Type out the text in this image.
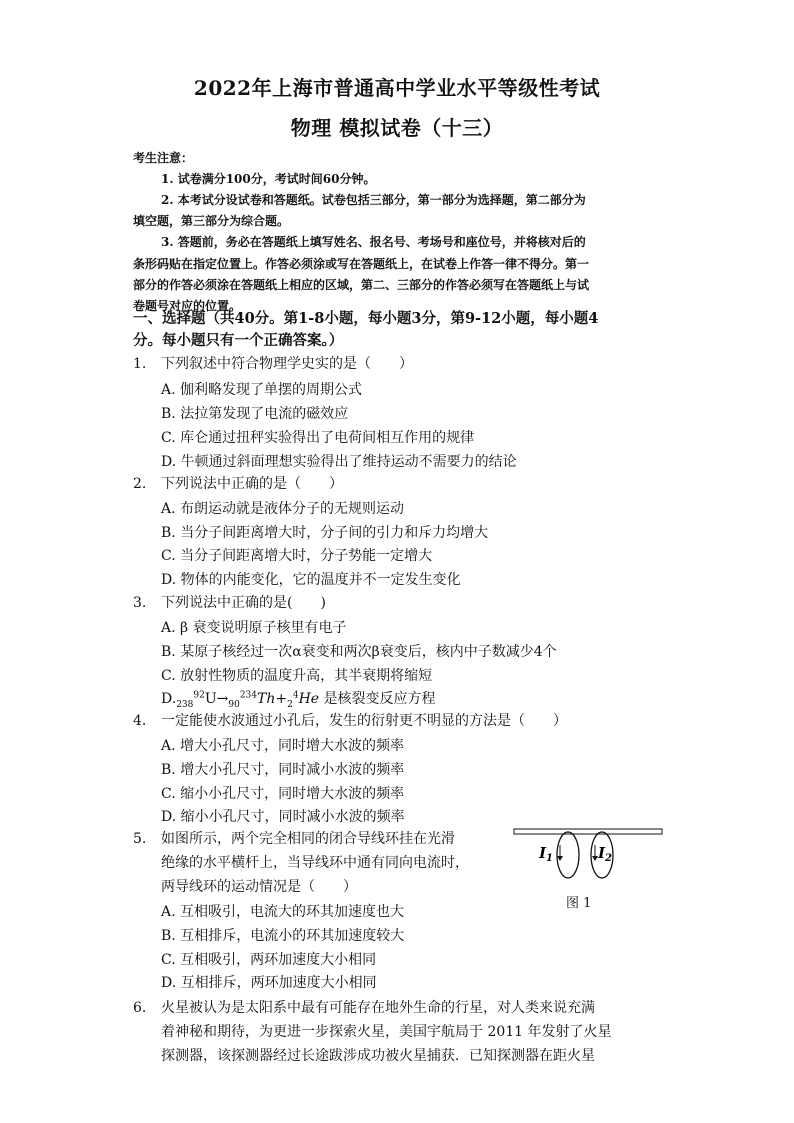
2022年上海市普通高中学业水平等级性考试
物理 模拟试卷（十三）
考生注意：
1. 试卷满分100分，考试时间60分钟。
2. 本考试分设试卷和答题纸。试卷包括三部分，第一部分为选择题，第二部分为
填空题，第三部分为综合题。
3. 答题前，务必在答题纸上填写姓名、报名号、考场号和座位号，并将核对后的
条形码贴在指定位置上。作答必须涂或写在答题纸上，在试卷上作答一律不得分。第一
部分的作答必须涂在答题纸上相应的区域，第二、三部分的作答必须写在答题纸上与试
卷题号对应的位置。
一、选择题（共40分。第1-8小题，每小题3分，第9-12小题，每小题4
分。每小题只有一个正确答案。）
1. 下列叙述中符合物理学史实的是（　　）
A. 伽利略发现了单摆的周期公式
B. 法拉第发现了电流的磁效应
C. 库仑通过扭秤实验得出了电荷间相互作用的规律
D. 牛顿通过斜面理想实验得出了维持运动不需要力的结论
2. 下列说法中正确的是（　　）
A. 布朗运动就是液体分子的无规则运动
B. 当分子间距离增大时，分子间的引力和斥力均增大
C. 当分子间距离增大时，分子势能一定增大
D. 物体的内能变化，它的温度并不一定发生变化
3. 下列说法中正确的是(　　)
A. β 衰变说明原子核里有电子
B. 某原子核经过一次α衰变和两次β衰变后，核内中子数减少4个
C. 放射性物质的温度升高，其半衰期将缩短
$D._{238}^{92}U\to_{90}^{234}Th+_2^4He$ 是核裂变反应方程
4. 一定能使水波通过小孔后，发生的衍射更不明显的方法是（　　）
A. 增大小孔尺寸，同时增大水波的频率
B. 增大小孔尺寸，同时减小水波的频率
C. 缩小小孔尺寸，同时增大水波的频率
D. 缩小小孔尺寸，同时减小水波的频率
5. 如图所示，两个完全相同的闭合导线环挂在光滑
绝缘的水平横杆上，当导线环中通有同向电流时，
两导线环的运动情况是（　　）
A. 互相吸引，电流大的环其加速度也大
B. 互相排斥，电流小的环其加速度较大
C. 互相吸引，两环加速度大小相同
D. 互相排斥，两环加速度大小相同
$I_1$	$I_2$
图 1
6. 火星被认为是太阳系中最有可能存在地外生命的行星，对人类来说充满
着神秘和期待，为更进一步探索火星，美国宇航局于 2011 年发射了火星
探测器，该探测器经过长途跋涉成功被火星捕获．已知探测器在距火星
